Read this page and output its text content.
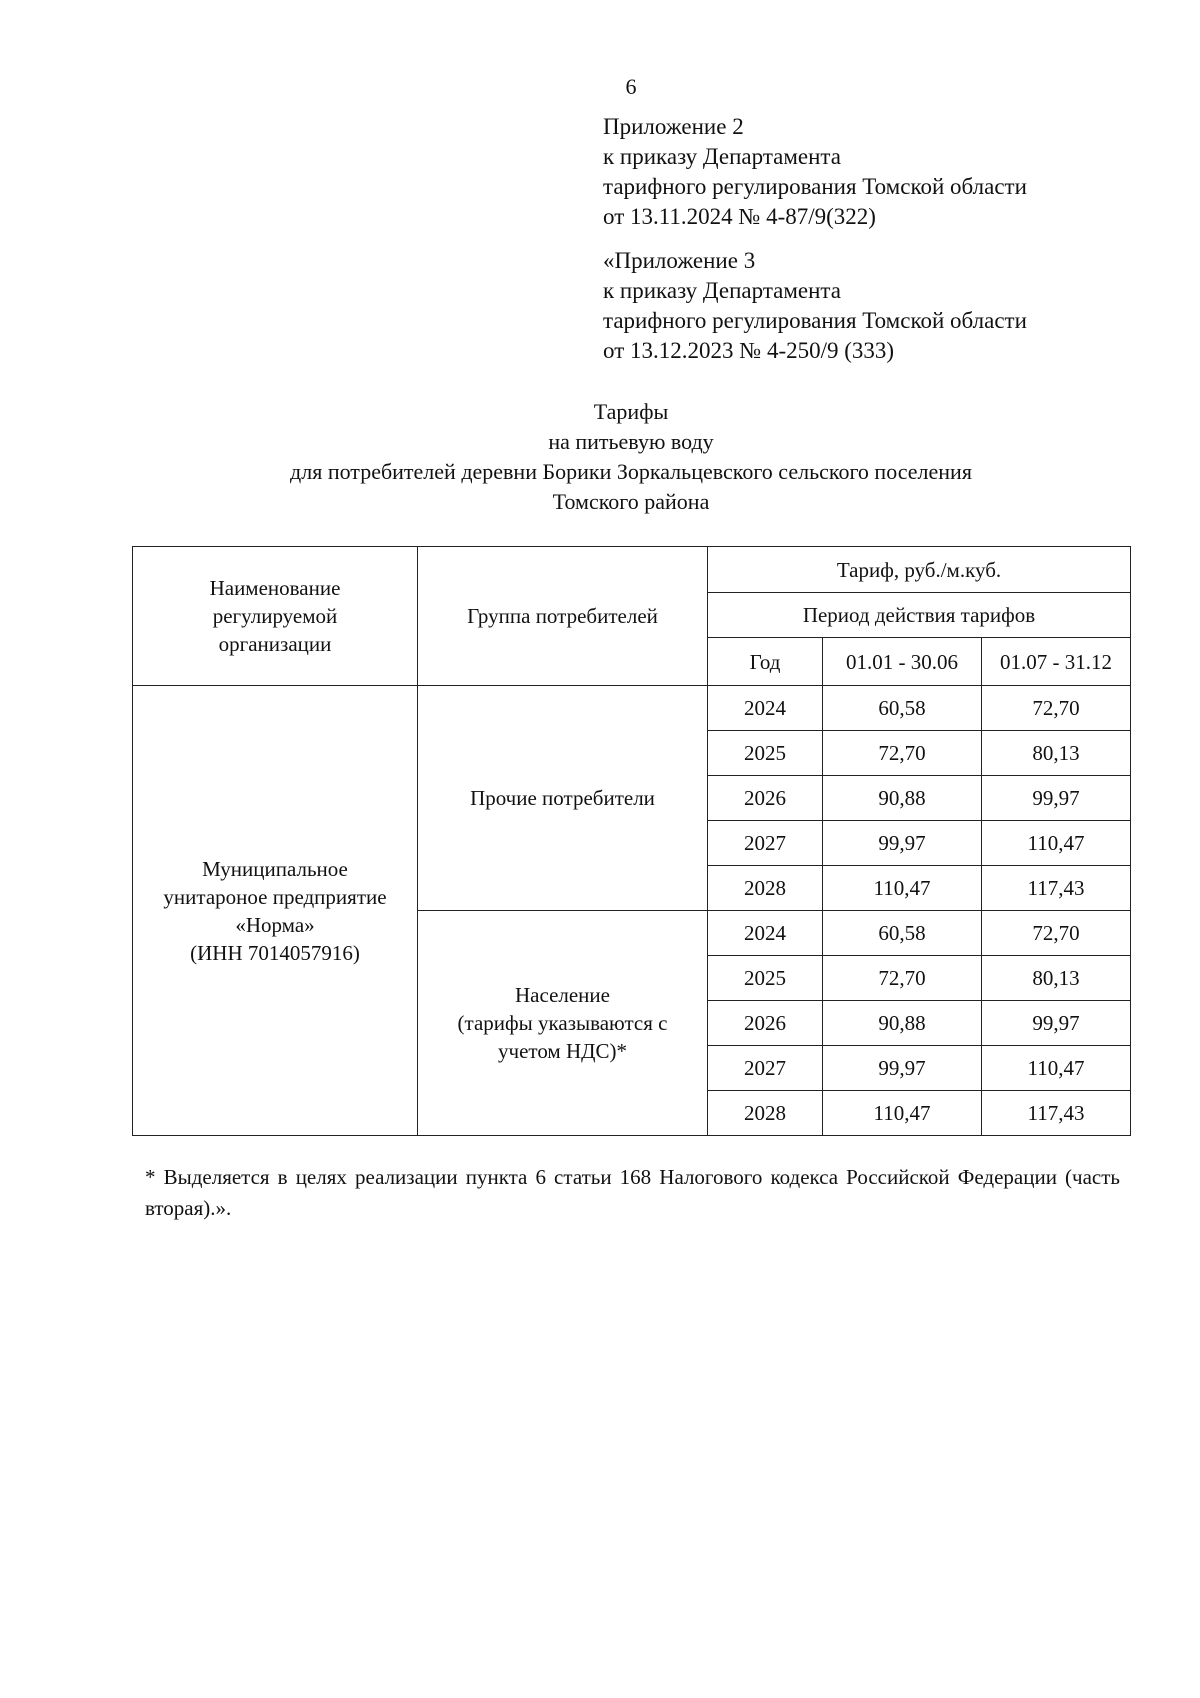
6
Приложение 2
к приказу Департамента
тарифного регулирования Томской области
от 13.11.2024 № 4-87/9(322)
«Приложение 3
к приказу Департамента
тарифного регулирования Томской области
от 13.12.2023 № 4-250/9 (333)
Тарифы
на питьевую воду
для потребителей деревни Борики Зоркальцевского сельского поселения
Томского района
Наименование регулируемой организации	Группа потребителей	Тариф, руб./м.куб.		
		Период действия тарифов		
		Год	01.01 - 30.06	01.07 - 31.12

Муниципальное
унитароное предприятие
«Норма»
(ИНН 7014057916)	Прочие потребители	2024	60,58	72,70
		2025	72,70	80,13
		2026	90,88	99,97
		2027	99,97	110,47
		2028	110,47	117,43

	Население
(тарифы указываются с
учетом НДС)*	2024	60,58	72,70
		2025	72,70	80,13
		2026	90,88	99,97
		2027	99,97	110,47
		2028	110,47	117,43
* Выделяется в целях реализации пункта 6 статьи 168 Налогового кодекса Российской Федерации (часть вторая).».
